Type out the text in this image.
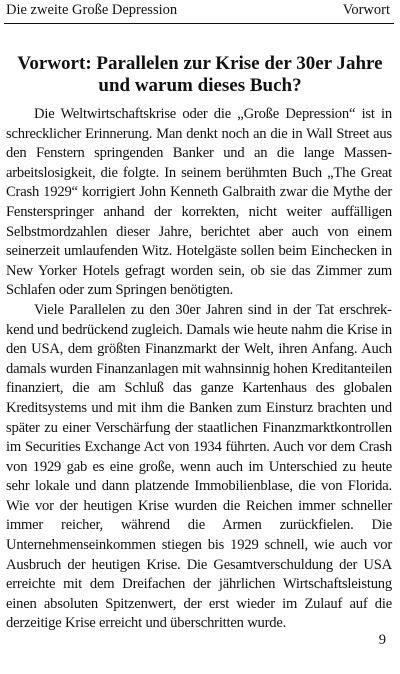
Die zweite Große Depression	Vorwort
Vorwort: Parallelen zur Krise der 30er Jahre
und warum dieses Buch?

Die Weltwirtschaftskrise oder die „Große Depression“ ist in schrecklicher Erinnerung. Man denkt noch an die in Wall Street aus den Fenstern springenden Banker und an die lange Massenarbeitslosigkeit, die folgte. In seinem berühmten Buch „The Great Crash 1929“ korrigiert John Kenneth Galbraith zwar die Mythe der Fensterspringer anhand der korrekten, nicht weiter auffälligen Selbstmordzahlen dieser Jahre, berichtet aber auch von einem seinerzeit umlaufenden Witz. Hotelgäste sollen beim Einchecken in New Yorker Hotels gefragt worden sein, ob sie das Zimmer zum Schlafen oder zum Springen benötigten.

Viele Parallelen zu den 30er Jahren sind in der Tat erschrekkend und bedrückend zugleich. Damals wie heute nahm die Krise in den USA, dem größten Finanzmarkt der Welt, ihren Anfang. Auch damals wurden Finanzanlagen mit wahnsinnig hohen Kreditanteilen finanziert, die am Schluß das ganze Kartenhaus des globalen Kreditsystems und mit ihm die Banken zum Einsturz brachten und später zu einer Verschärfung der staatlichen Finanzmarktkontrollen im Securities Exchange Act von 1934 führten. Auch vor dem Crash von 1929 gab es eine große, wenn auch im Unterschied zu heute sehr lokale und dann platzende Immobilienblase, die von Florida. Wie vor der heutigen Krise wurden die Reichen immer schneller immer reicher, während die Armen zurückfielen. Die Unternehmenseinkommen stiegen bis 1929 schnell, wie auch vor Ausbruch der heutigen Krise. Die Gesamtverschuldung der USA erreichte mit dem Dreifachen der jährlichen Wirtschaftsleistung einen absoluten Spitzenwert, der erst wieder im Zulauf auf die derzeitige Krise erreicht und überschritten wurde.

9
